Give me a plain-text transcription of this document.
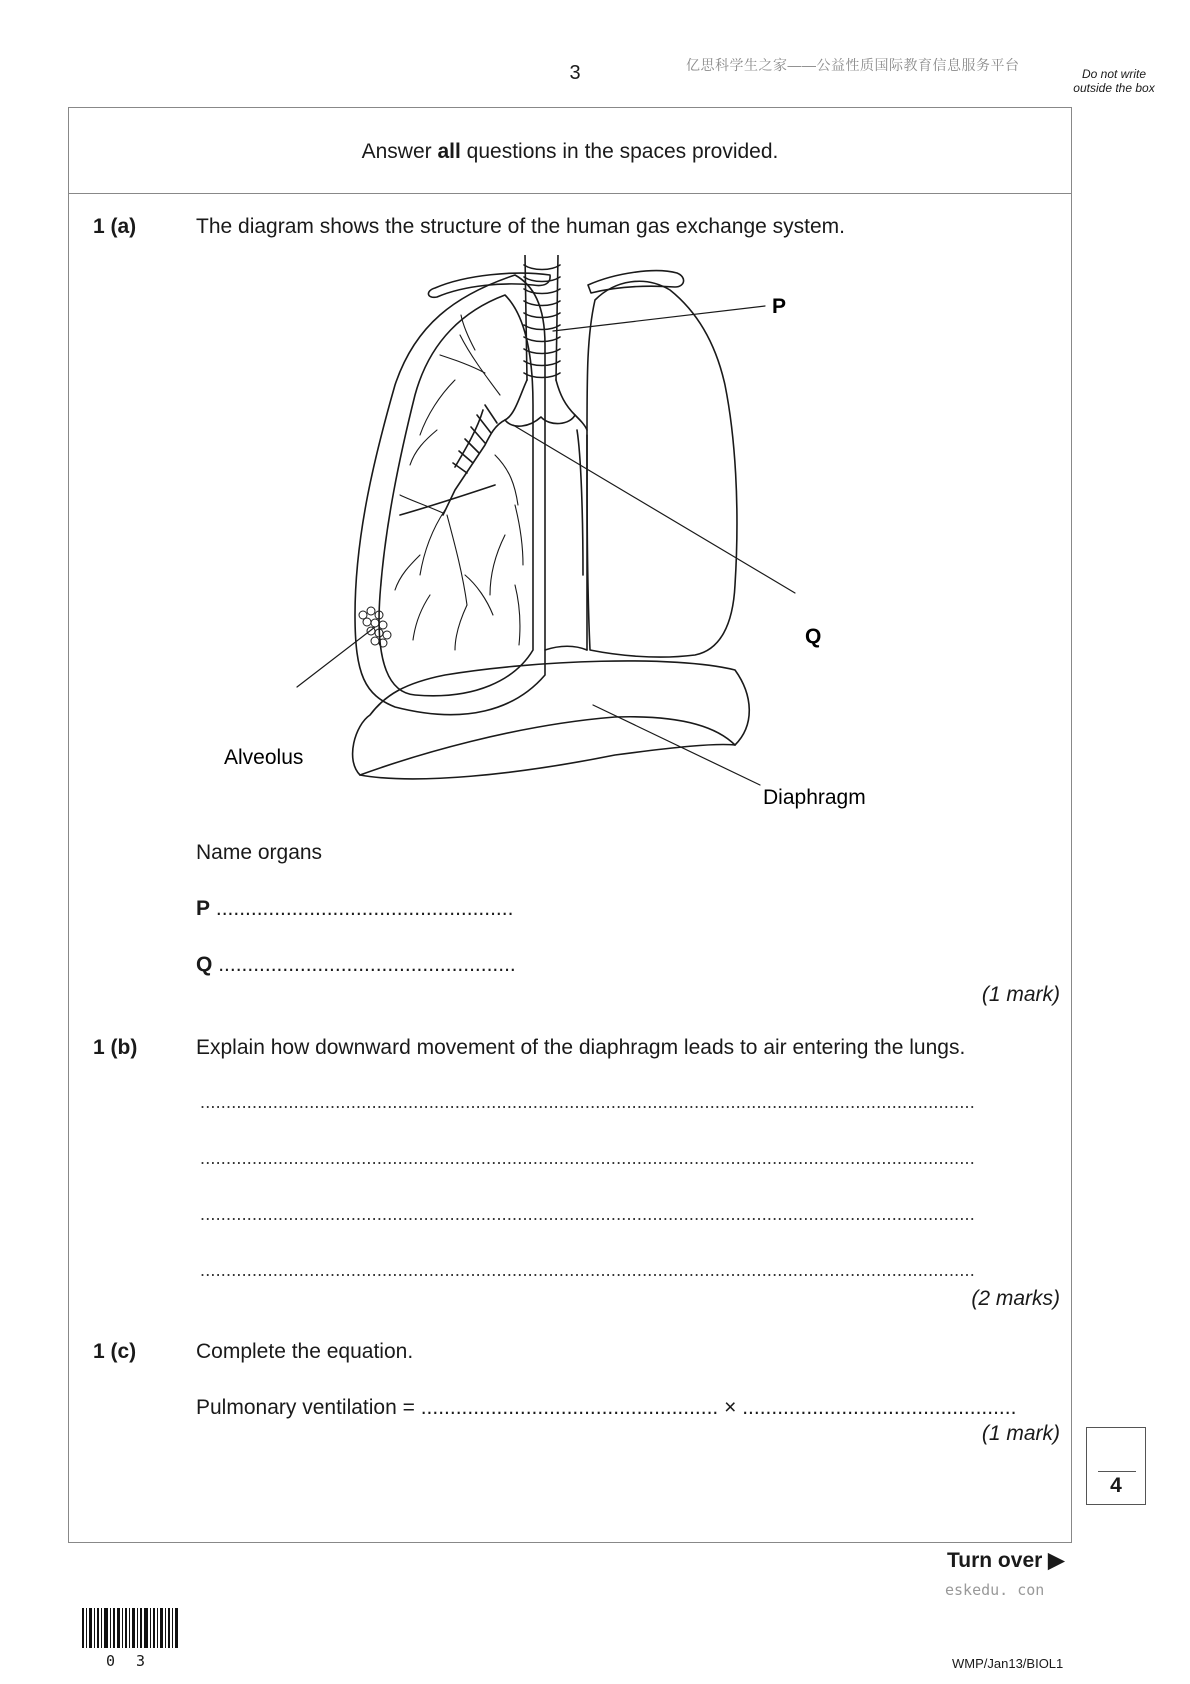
3	亿思科学生之家——公益性质国际教育信息服务平台
Do not write outside the box
Answer all questions in the spaces provided.
1 (a)	The diagram shows the structure of the human gas exchange system.
P
Q
Alveolus
Diaphragm
Name organs
P ...................................................
Q ...................................................
(1 mark)
1 (b)	Explain how downward movement of the diaphragm leads to air entering the lungs.
.....................................................................................................................................................
.....................................................................................................................................................
.....................................................................................................................................................
.....................................................................................................................................................
(2 marks)
1 (c)	Complete the equation.
Pulmonary ventilation = ................................................... × ...............................................
(1 mark)
4
Turn over ▶
eskedu. con
0 3	WMP/Jan13/BIOL1
